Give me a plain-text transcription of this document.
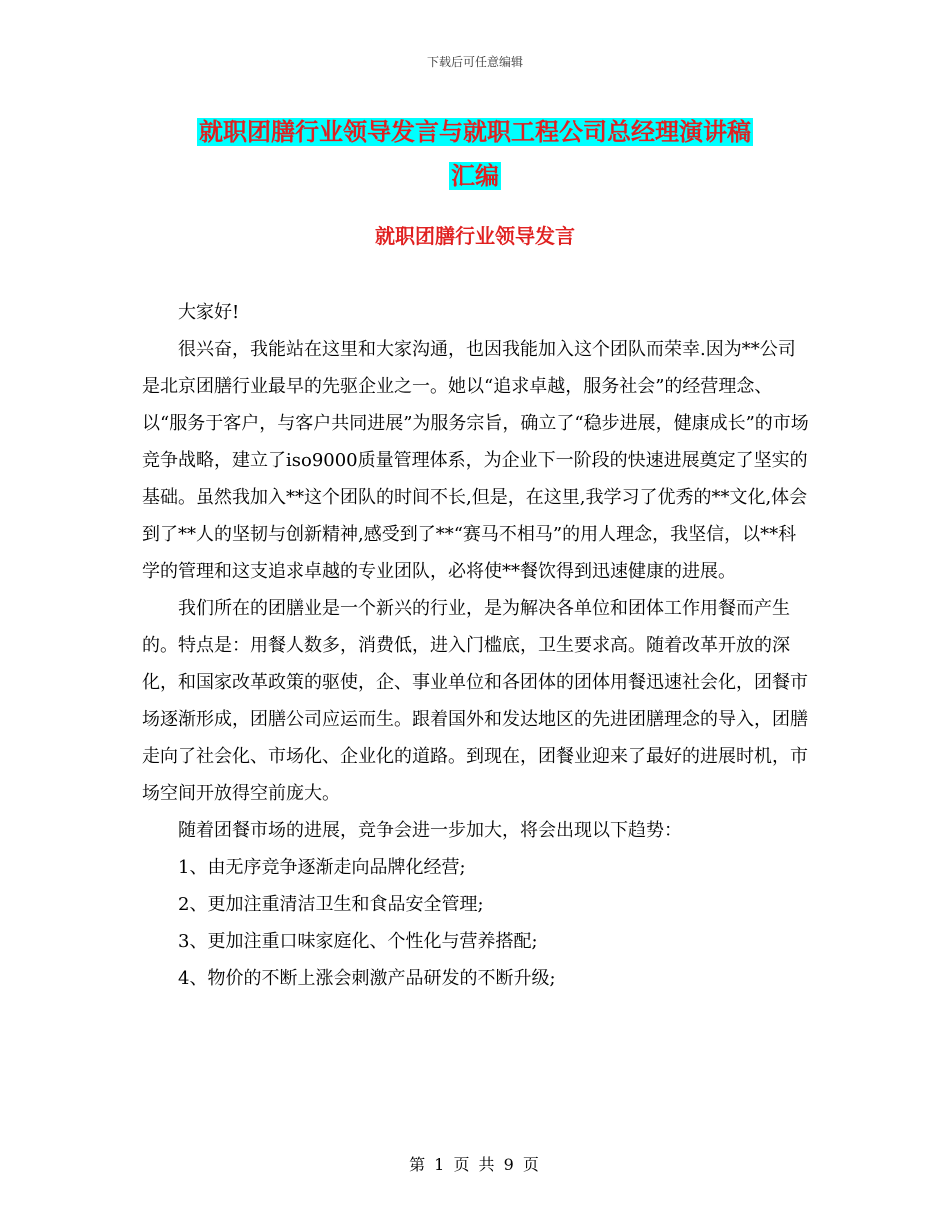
下载后可任意编辑
就职团膳行业领导发言与就职工程公司总经理演讲稿
汇编
就职团膳行业领导发言

大家好!

很兴奋，我能站在这里和大家沟通，也因我能加入这个团队而荣幸.因为**公司是北京团膳行业最早的先驱企业之一。她以“追求卓越，服务社会”的经营理念、以“服务于客户，与客户共同进展”为服务宗旨，确立了“稳步进展，健康成长”的市场竞争战略，建立了iso9000质量管理体系，为企业下一阶段的快速进展奠定了坚实的基础。虽然我加入**这个团队的时间不长,但是，在这里,我学习了优秀的**文化,体会到了**人的坚韧与创新精神,感受到了**“赛马不相马”的用人理念，我坚信，以**科学的管理和这支追求卓越的专业团队，必将使**餐饮得到迅速健康的进展。

我们所在的团膳业是一个新兴的行业，是为解决各单位和团体工作用餐而产生的。特点是：用餐人数多，消费低，进入门槛底，卫生要求高。随着改革开放的深化，和国家改革政策的驱使，企、事业单位和各团体的团体用餐迅速社会化，团餐市场逐渐形成，团膳公司应运而生。跟着国外和发达地区的先进团膳理念的导入，团膳走向了社会化、市场化、企业化的道路。到现在，团餐业迎来了最好的进展时机，市场空间开放得空前庞大。

随着团餐市场的进展，竞争会进一步加大，将会出现以下趋势：

1、由无序竞争逐渐走向品牌化经营;

2、更加注重清洁卫生和食品安全管理;

3、更加注重口味家庭化、个性化与营养搭配;

4、物价的不断上涨会刺激产品研发的不断升级;

第 1 页 共 9 页
